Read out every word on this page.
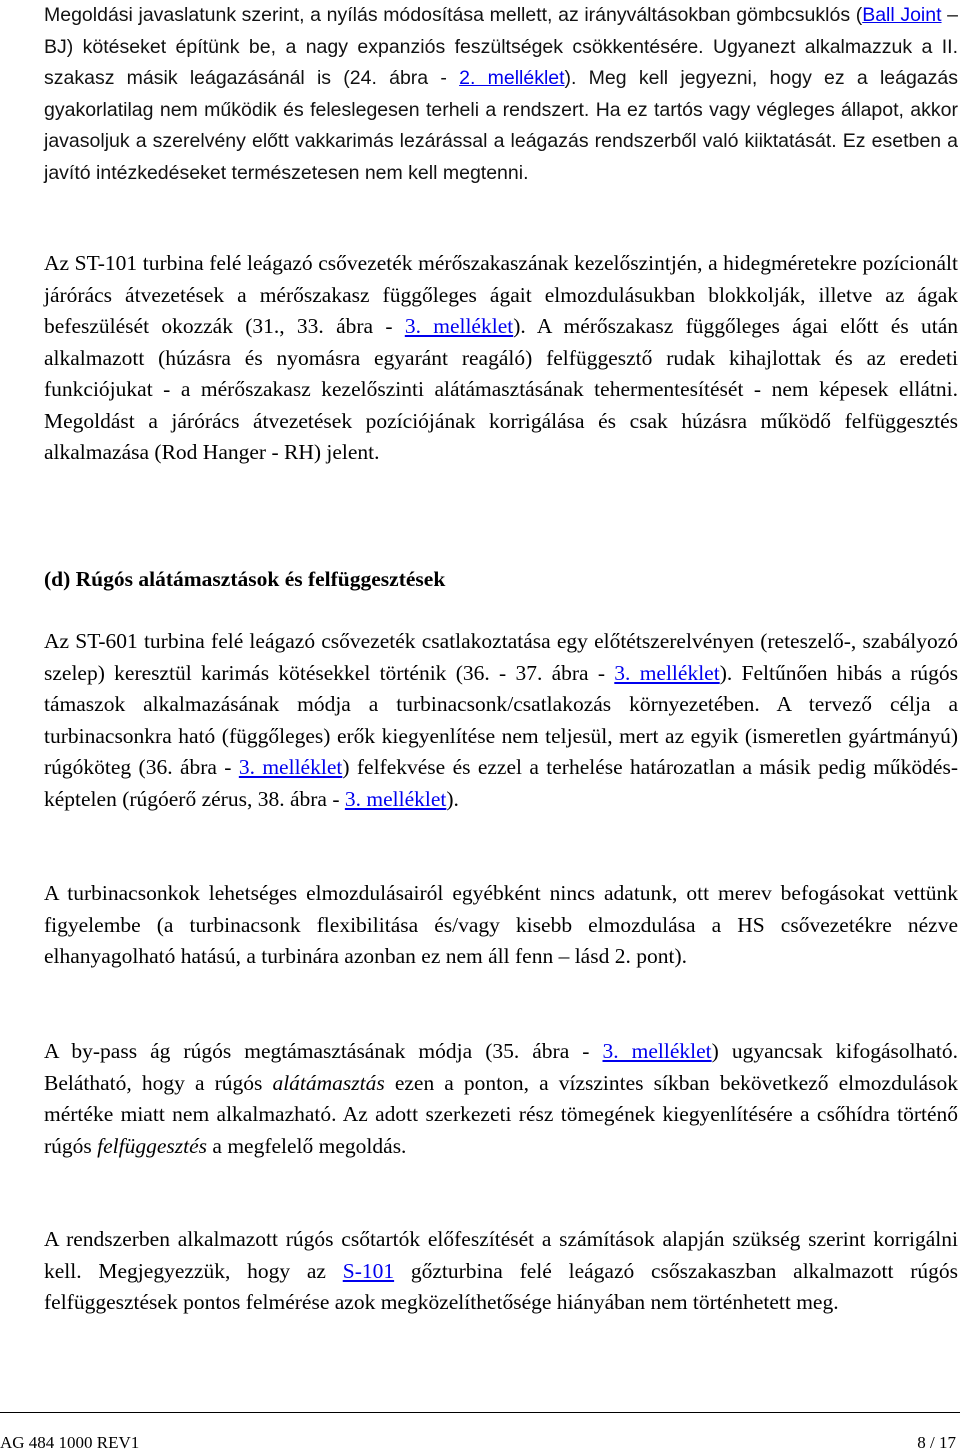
Megoldási javaslatunk szerint, a nyílás módosítása mellett, az irányváltásokban gömbcsuklós (Ball Joint – BJ) kötéseket építünk be, a nagy expanziós feszültségek csökkentésére. Ugyanezt alkalmazzuk a II. szakasz másik leágazásánál is (24. ábra - 2. melléklet). Meg kell jegyezni, hogy ez a leágazás gyakorlatilag nem működik és feleslegesen terheli a rendszert. Ha ez tartós vagy végleges állapot, akkor javasoljuk a szerelvény előtt vakkarimás lezárással a leágazás rendszerből való kiiktatását. Ez esetben a javító intézkedéseket természetesen nem kell megtenni.

Az ST-101 turbina felé leágazó csővezeték mérőszakaszának kezelőszintjén, a hidegméretekre pozícionált járórács átvezetések a mérőszakasz függőleges ágait elmozdulásukban blokkolják, illetve az ágak befeszülését okozzák (31., 33. ábra - 3. melléklet). A mérőszakasz függőleges ágai előtt és után alkalmazott (húzásra és nyomásra egyaránt reagáló) felfüggesztő rudak kihajlottak és az eredeti funkciójukat - a mérőszakasz kezelőszinti alátámasztásának tehermentesítését - nem képesek ellátni. Megoldást a járórács átvezetések pozíciójának korrigálása és csak húzásra működő felfüggesztés alkalmazása (Rod Hanger - RH) jelent.

(d) Rúgós alátámasztások és felfüggesztések

Az ST-601 turbina felé leágazó csővezeték csatlakoztatása egy előtétszerelvényen (reteszelő-, szabályozó szelep) keresztül karimás kötésekkel történik (36. - 37. ábra - 3. melléklet). Feltűnően hibás a rúgós támaszok alkalmazásának módja a turbinacsonk/csatlakozás környezetében. A tervező célja a turbinacsonkra ható (függőleges) erők kiegyenlítése nem teljesül, mert az egyik (ismeretlen gyártmányú) rúgóköteg (36. ábra - 3. melléklet) felfekvése és ezzel a terhelése határozatlan a másik pedig működés-képtelen (rúgóerő zérus, 38. ábra - 3. melléklet).

A turbinacsonkok lehetséges elmozdulásairól egyébként nincs adatunk, ott merev befogásokat vettünk figyelembe (a turbinacsonk flexibilitása és/vagy kisebb elmozdulása a HS csővezetékre nézve elhanyagolható hatású, a turbinára azonban ez nem áll fenn – lásd 2. pont).

A by-pass ág rúgós megtámasztásának módja (35. ábra - 3. melléklet) ugyancsak kifogásolható. Belátható, hogy a rúgós alátámasztás ezen a ponton, a vízszintes síkban bekövetkező elmozdulások mértéke miatt nem alkalmazható. Az adott szerkezeti rész tömegének kiegyenlítésére a csőhídra történő rúgós felfüggesztés a megfelelő megoldás.

A rendszerben alkalmazott rúgós csőtartók előfeszítését a számítások alapján szükség szerint korrigálni kell. Megjegyezzük, hogy az S-101 gőzturbina felé leágazó csőszakaszban alkalmazott rúgós felfüggesztések pontos felmérése azok megközelíthetősége hiányában nem történhetett meg.

AG 484 1000 REV1	8 / 17
